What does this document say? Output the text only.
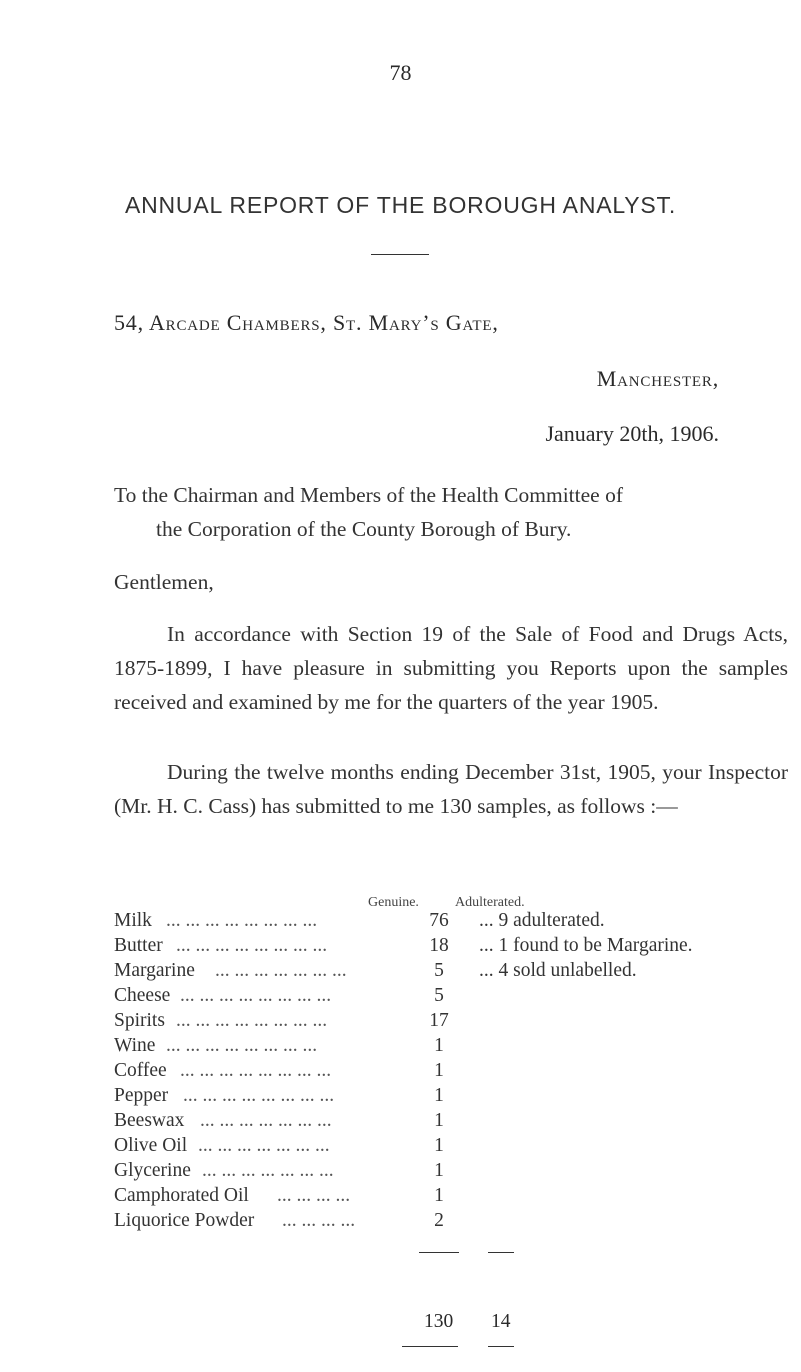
78
ANNUAL REPORT OF THE BOROUGH ANALYST.
54, Arcade Chambers, St. Mary’s Gate,
Manchester,
January 20th, 1906.
To the Chairman and Members of the Health Committee of
the Corporation of the County Borough of Bury.
Gentlemen,
In accordance with Section 19 of the Sale of Food and Drugs Acts, 1875-1899, I have pleasure in submitting you Reports upon the samples received and examined by me for the quarters of the year 1905.
During the twelve months ending December 31st, 1905, your Inspector (Mr. H. C. Cass) has submitted to me 130 samples, as follows :—
Genuine.	Adulterated.
Milk ... ... ... ... ... ... ... ...	76	... 9 adulterated.
Butter ... ... ... ... ... ... ... ...	18	... 1 found to be Margarine.
Margarine ... ... ... ... ... ... ...	5	... 4 sold unlabelled.
Cheese ... ... ... ... ... ... ... ...	5
Spirits ... ... ... ... ... ... ... ...	17
Wine ... ... ... ... ... ... ... ...	1
Coffee ... ... ... ... ... ... ... ...	1
Pepper ... ... ... ... ... ... ... ...	1
Beeswax ... ... ... ... ... ... ...	1
Olive Oil ... ... ... ... ... ... ...	1
Glycerine ... ... ... ... ... ... ...	1
Camphorated Oil ... ... ... ...	1
Liquorice Powder ... ... ... ...	2
130 14
